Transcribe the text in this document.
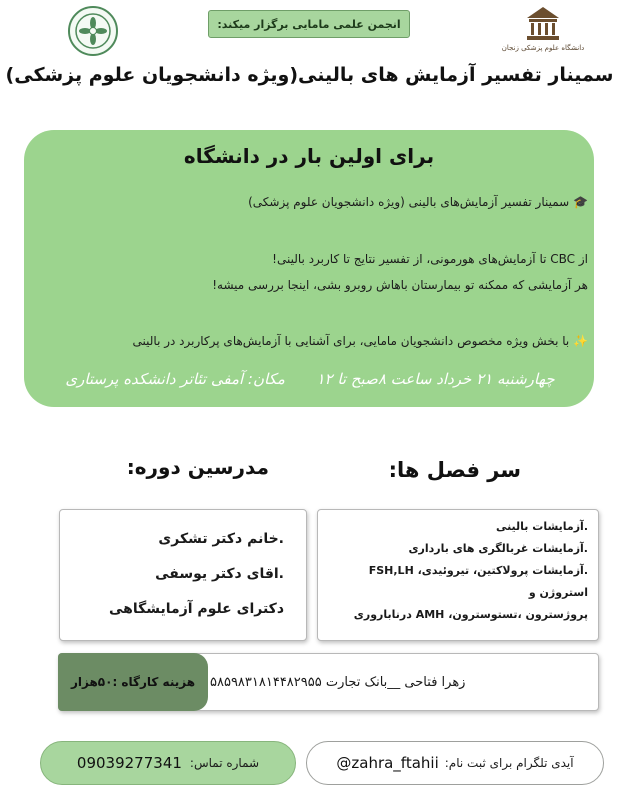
دانشگاه علوم پزشکی زنجان
انجمن علمی مامایی برگزار میکند:
سمینار تفسیر آزمایش های بالینی(ویژه دانشجویان علوم پزشکی)
برای اولین بار در دانشگاه
🎓 سمینار تفسیر آزمایش‌های بالینی (ویژه دانشجویان علوم پزشکی)
از CBC تا آزمایش‌های هورمونی، از تفسیر نتایج تا کاربرد بالینی!
هر آزمایشی که ممکنه تو بیمارستان باهاش روبرو بشی، اینجا بررسی میشه!
✨ با بخش ویژه مخصوص دانشجویان مامایی، برای آشنایی با آزمایش‌های پرکاربرد در بالینی
چهارشنبه ۲۱ خرداد ساعت ۸صبح تا ۱۲  مکان: آمفی تئاتر دانشکده پرستاری
سر فصل ها:
مدرسین دوره:
.آزمایشات بالینی
.آزمایشات غربالگری های بارداری
.آزمایشات پرولاکتین، تیروئیدی، FSH,LH
استروژن و
پروژسترون ،تستوسترون، AMH درناباروری
.خانم دکتر تشکری
.اقای دکتر یوسفی
دکترای علوم آزمایشگاهی
زهرا فتاحی __بانک تجارت ۵۸۵۹۸۳۱۸۱۴۴۸۲۹۵۵
هزینه کارگاه :۵۰هزار
09039277341 شماره تماس:	@zahra_ftahii آیدی تلگرام برای ثبت نام:
